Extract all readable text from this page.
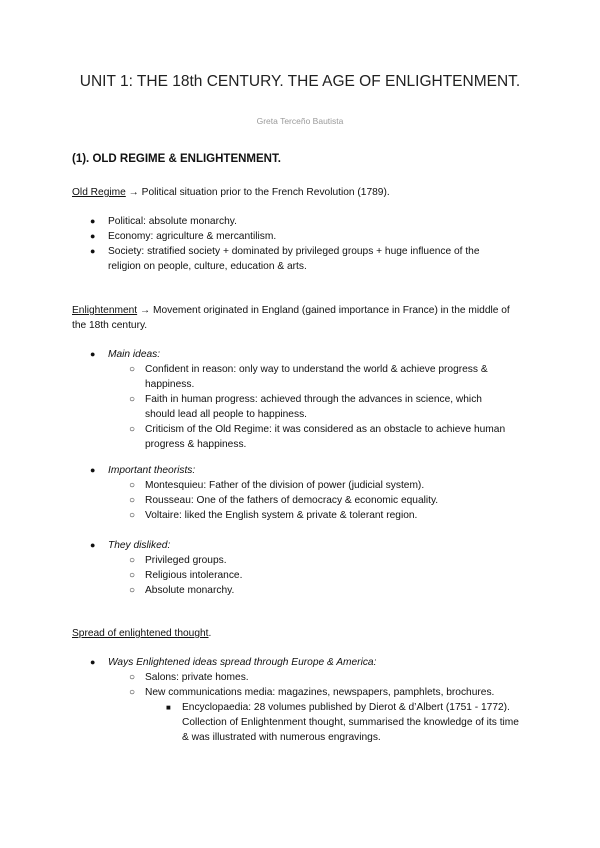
UNIT 1: THE 18th CENTURY. THE AGE OF ENLIGHTENMENT.
Greta Terceño Bautista
(1). OLD REGIME & ENLIGHTENMENT.
Old Regime → Political situation prior to the French Revolution (1789).
● Political: absolute monarchy.
● Economy: agriculture & mercantilism.
● Society: stratified society + dominated by privileged groups + huge influence of the religion on people, culture, education & arts.
Enlightenment → Movement originated in England (gained importance in France) in the middle of the 18th century.
● Main ideas:
○ Confident in reason: only way to understand the world & achieve progress & happiness.
○ Faith in human progress: achieved through the advances in science, which should lead all people to happiness.
○ Criticism of the Old Regime: it was considered as an obstacle to achieve human progress & happiness.
● Important theorists:
○ Montesquieu: Father of the division of power (judicial system).
○ Rousseau: One of the fathers of democracy & economic equality.
○ Voltaire: liked the English system & private & tolerant region.
● They disliked:
○ Privileged groups.
○ Religious intolerance.
○ Absolute monarchy.
Spread of enlightened thought.
● Ways Enlightened ideas spread through Europe & America:
○ Salons: private homes.
○ New communications media: magazines, newspapers, pamphlets, brochures.
■ Encyclopaedia: 28 volumes published by Dierot & d’Albert (1751 - 1772). Collection of Enlightenment thought, summarised the knowledge of its time & was illustrated with numerous engravings.
